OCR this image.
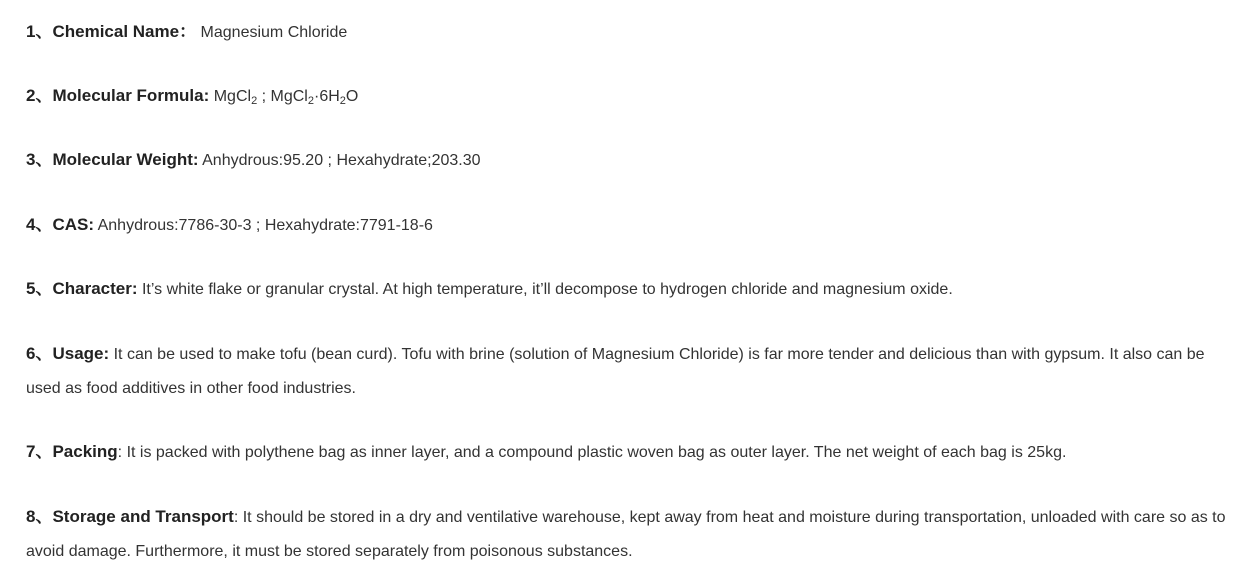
1、Chemical Name： Magnesium Chloride
2、Molecular Formula: MgCl$_2$ ; $MgCl_2\cdot 6H_2O$
3、Molecular Weight: Anhydrous:95.20 ; Hexahydrate;203.30
4、CAS: Anhydrous:7786-30-3 ; Hexahydrate:7791-18-6
5、Character: It’s white flake or granular crystal. At high temperature, it’ll decompose to hydrogen chloride and magnesium oxide.
6、Usage: It can be used to make tofu (bean curd). Tofu with brine (solution of Magnesium Chloride) is far more tender and delicious than with gypsum. It also can be used as food additives in other food industries.
7、Packing: It is packed with polythene bag as inner layer, and a compound plastic woven bag as outer layer. The net weight of each bag is 25kg.
8、Storage and Transport: It should be stored in a dry and ventilative warehouse, kept away from heat and moisture during transportation, unloaded with care so as to avoid damage. Furthermore, it must be stored separately from poisonous substances.
